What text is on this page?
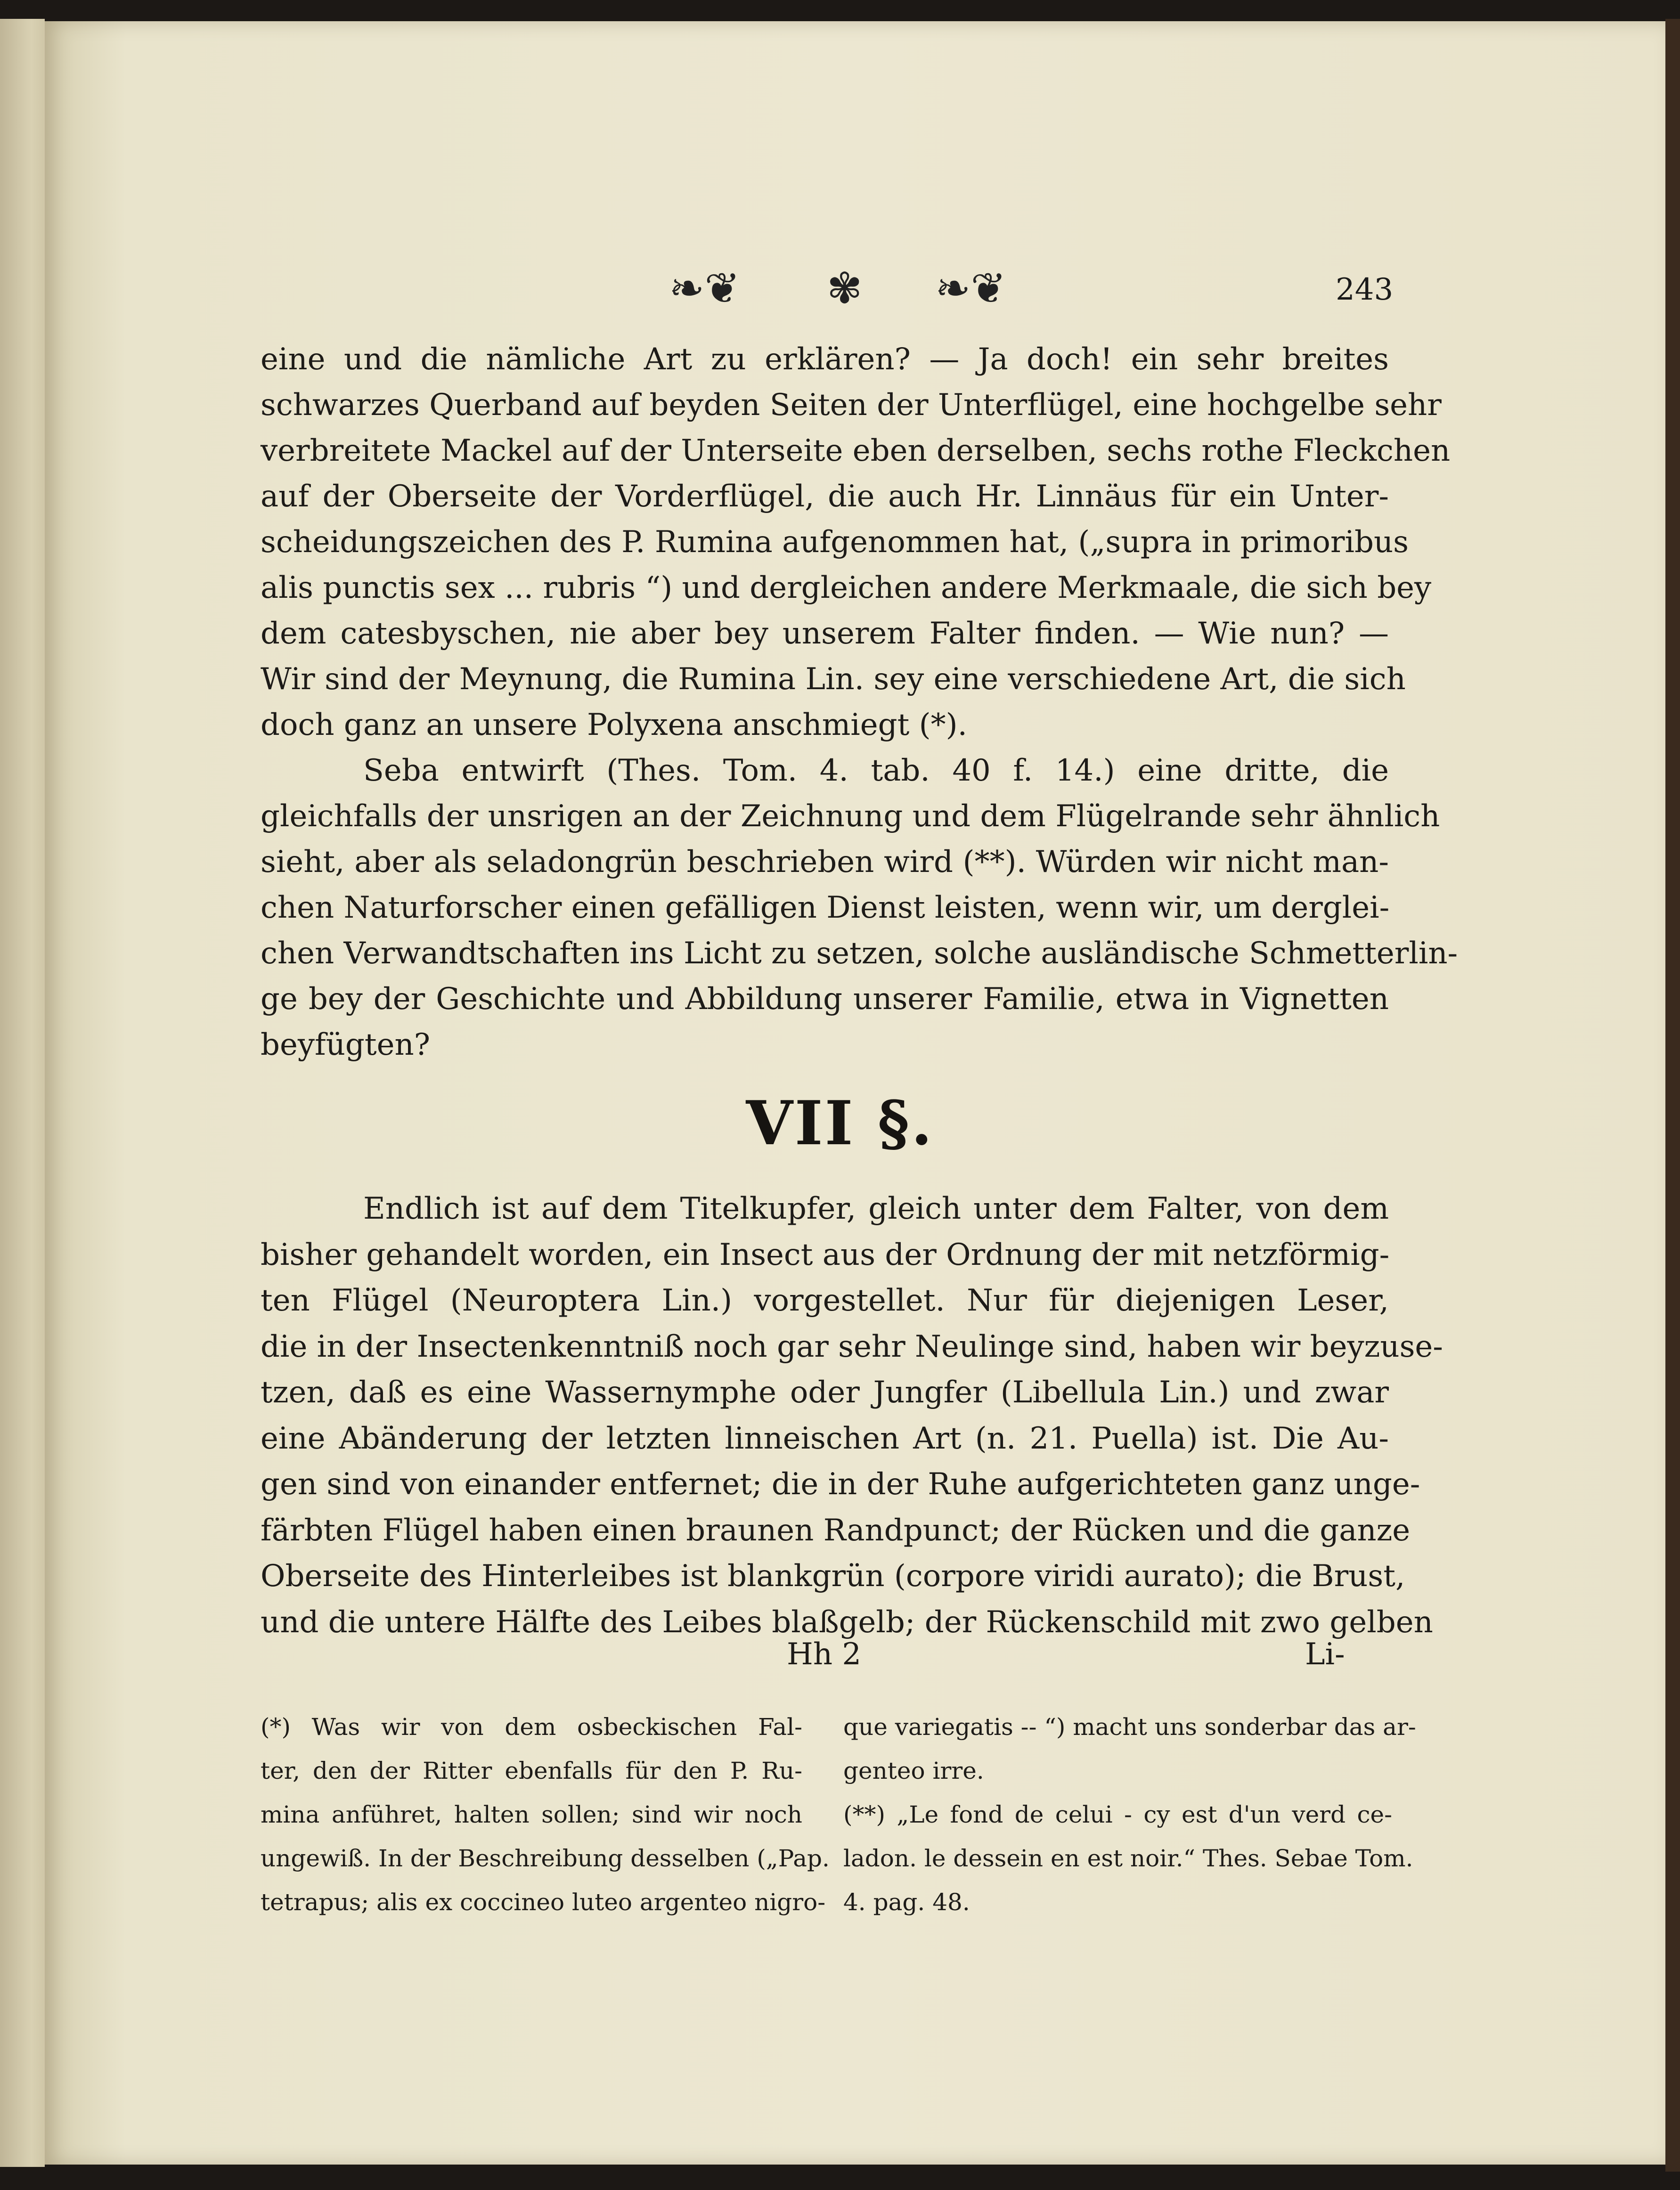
❧❦ ✾ ❧❦	243
eine und die nämliche Art zu erklären? — Ja doch! ein sehr breites
schwarzes Querband auf beyden Seiten der Unterflügel, eine hochgelbe sehr
verbreitete Mackel auf der Unterseite eben derselben, sechs rothe Fleckchen
auf der Oberseite der Vorderflügel, die auch Hr. Linnäus für ein Unter-
scheidungszeichen des P. Rumina aufgenommen hat, („supra in primoribus
alis punctis sex ... rubris “) und dergleichen andere Merkmaale, die sich bey
dem catesbyschen, nie aber bey unserem Falter finden. — Wie nun? —
Wir sind der Meynung, die Rumina Lin. sey eine verschiedene Art, die sich
doch ganz an unsere Polyxena anschmiegt (*).
Seba entwirft (Thes. Tom. 4. tab. 40 f. 14.) eine dritte, die
gleichfalls der unsrigen an der Zeichnung und dem Flügelrande sehr ähnlich
sieht, aber als seladongrün beschrieben wird (**). Würden wir nicht man-
chen Naturforscher einen gefälligen Dienst leisten, wenn wir, um derglei-
chen Verwandtschaften ins Licht zu setzen, solche ausländische Schmetterlin-
ge bey der Geschichte und Abbildung unserer Familie, etwa in Vignetten
beyfügten?
VII §.
Endlich ist auf dem Titelkupfer, gleich unter dem Falter, von dem
bisher gehandelt worden, ein Insect aus der Ordnung der mit netzförmig-
ten Flügel (Neuroptera Lin.) vorgestellet. Nur für diejenigen Leser,
die in der Insectenkenntniß noch gar sehr Neulinge sind, haben wir beyzuse-
tzen, daß es eine Wassernymphe oder Jungfer (Libellula Lin.) und zwar
eine Abänderung der letzten linneischen Art (n. 21. Puella) ist. Die Au-
gen sind von einander entfernet; die in der Ruhe aufgerichteten ganz unge-
färbten Flügel haben einen braunen Randpunct; der Rücken und die ganze
Oberseite des Hinterleibes ist blankgrün (corpore viridi aurato); die Brust,
und die untere Hälfte des Leibes blaßgelb; der Rückenschild mit zwo gelben
Hh 2	Li-
(*) Was wir von dem osbeckischen Fal-
ter, den der Ritter ebenfalls für den P. Ru-
mina anführet, halten sollen; sind wir noch
ungewiß. In der Beschreibung desselben („Pap.
tetrapus; alis ex coccineo luteo argenteo nigro-
que variegatis -- “) macht uns sonderbar das ar-
genteo irre.
(**) „Le fond de celui - cy est d'un verd ce-
ladon. le dessein en est noir.“ Thes. Sebae Tom.
4. pag. 48.
